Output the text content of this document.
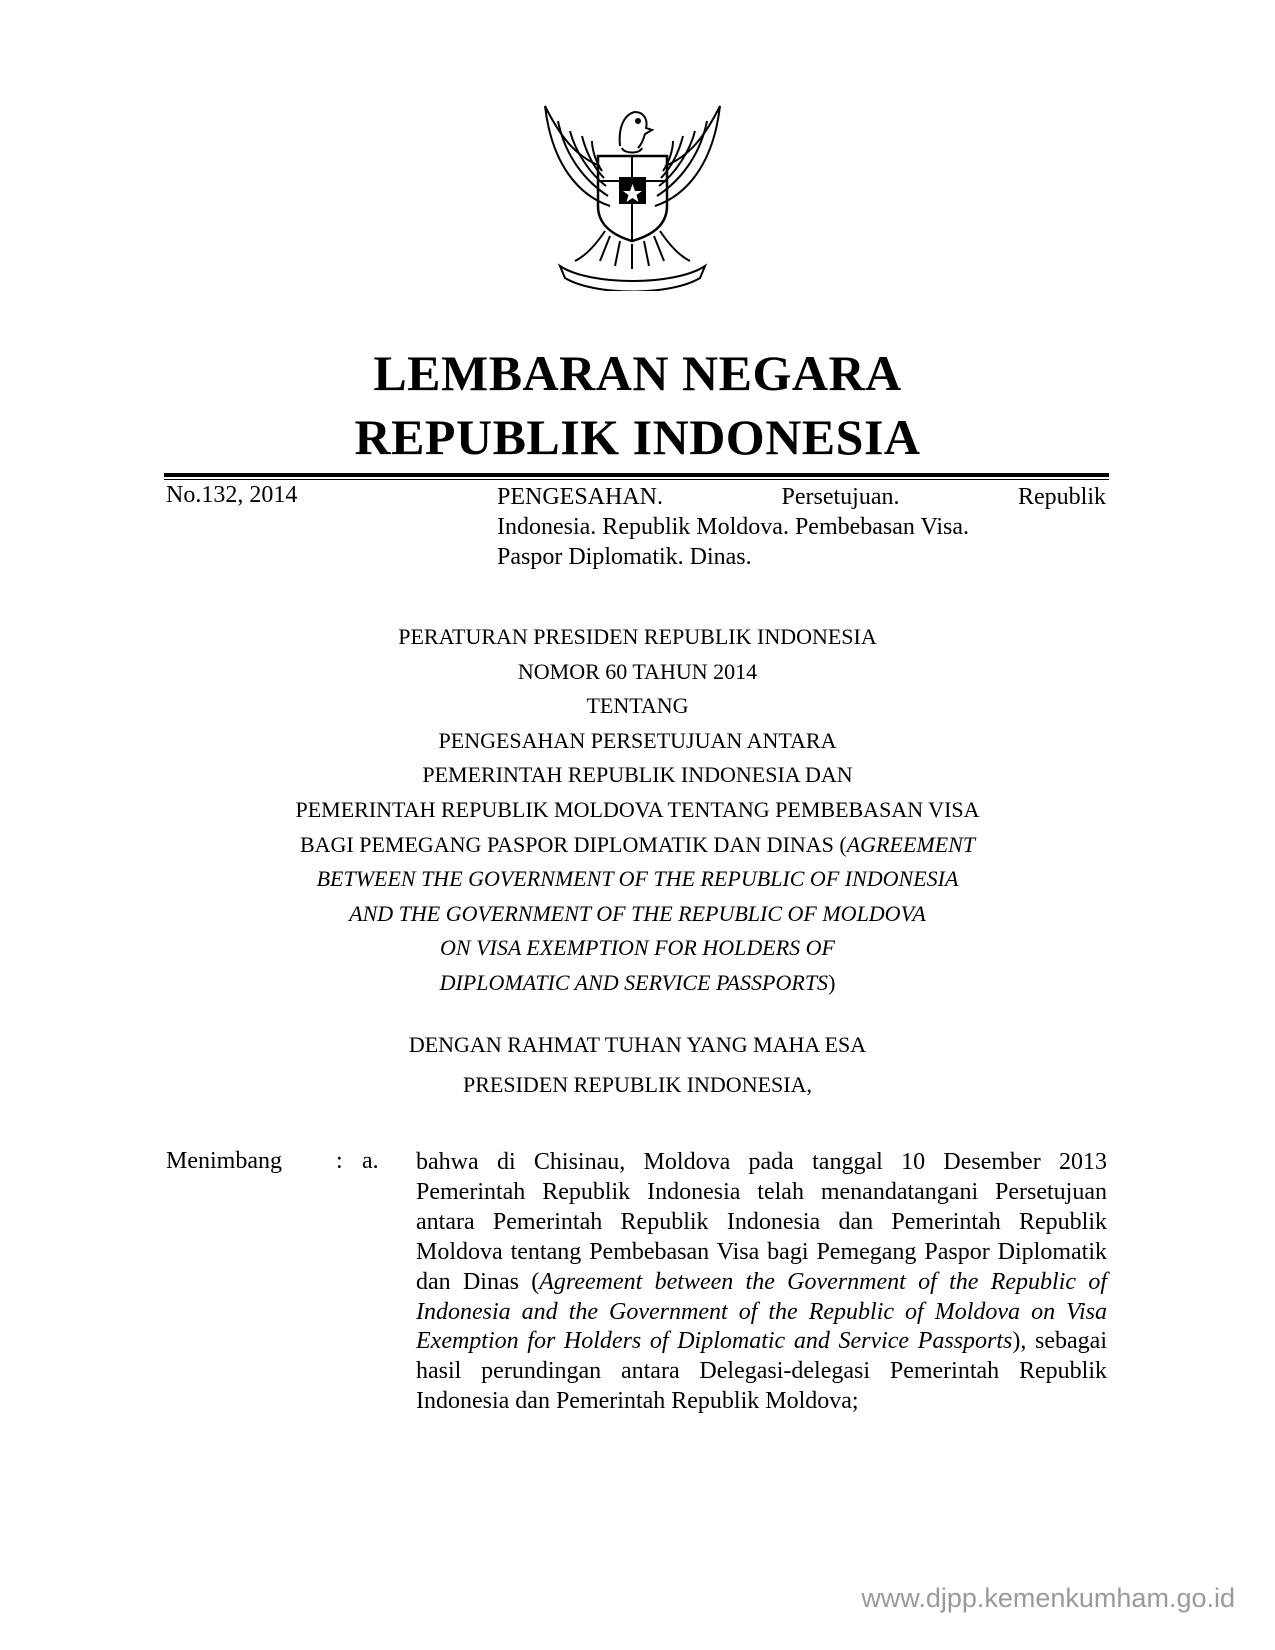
LEMBARAN NEGARA
REPUBLIK INDONESIA
No.132, 2014	PENGESAHAN.	Persetujuan.	Republik
Indonesia. Republik Moldova. Pembebasan Visa.
Paspor Diplomatik. Dinas.
PERATURAN PRESIDEN REPUBLIK INDONESIA
NOMOR 60 TAHUN 2014
TENTANG
PENGESAHAN PERSETUJUAN ANTARA
PEMERINTAH REPUBLIK INDONESIA DAN
PEMERINTAH REPUBLIK MOLDOVA TENTANG PEMBEBASAN VISA
BAGI PEMEGANG PASPOR DIPLOMATIK DAN DINAS (AGREEMENT
BETWEEN THE GOVERNMENT OF THE REPUBLIC OF INDONESIA
AND THE GOVERNMENT OF THE REPUBLIC OF MOLDOVA
ON VISA EXEMPTION FOR HOLDERS OF
DIPLOMATIC AND SERVICE PASSPORTS)
DENGAN RAHMAT TUHAN YANG MAHA ESA
PRESIDEN REPUBLIK INDONESIA,
Menimbang : a. bahwa di Chisinau, Moldova pada tanggal 10 Desember 2013 Pemerintah Republik Indonesia telah menandatangani Persetujuan antara Pemerintah Republik Indonesia dan Pemerintah Republik Moldova tentang Pembebasan Visa bagi Pemegang Paspor Diplomatik dan Dinas (Agreement between the Government of the Republic of Indonesia and the Government of the Republic of Moldova on Visa Exemption for Holders of Diplomatic and Service Passports), sebagai hasil perundingan antara Delegasi-delegasi Pemerintah Republik Indonesia dan Pemerintah Republik Moldova;
www.djpp.kemenkumham.go.id
